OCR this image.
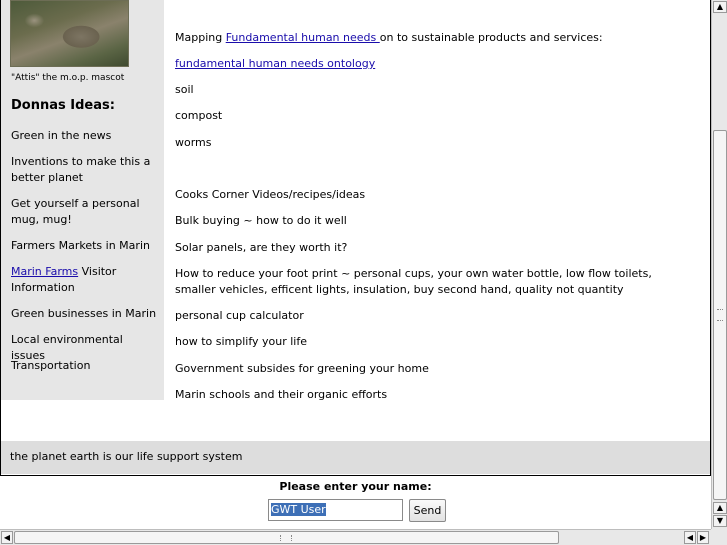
"Attis" the m.o.p. mascot
Donnas Ideas:
Green in the news
Inventions to make this a better planet
Get yourself a personal mug, mug!
Farmers Markets in Marin
Marin Farms Visitor Information
Green businesses in Marin
Local environmental issues
Transportation
Mapping Fundamental human needs on to sustainable products and services:
fundamental human needs ontology
soil
compost
worms
Cooks Corner Videos/recipes/ideas
Bulk buying ~ how to do it well
Solar panels, are they worth it?
How to reduce your foot print ~ personal cups, your own water bottle, low flow toilets, smaller vehicles, efficent lights, insulation, buy second hand, quality not quantity
personal cup calculator
how to simplify your life
Government subsides for greening your home
Marin schools and their organic efforts
the planet earth is our life support system
Please enter your name:
GWT User	Send
▲
▲
▼
◀	◀ ▶
